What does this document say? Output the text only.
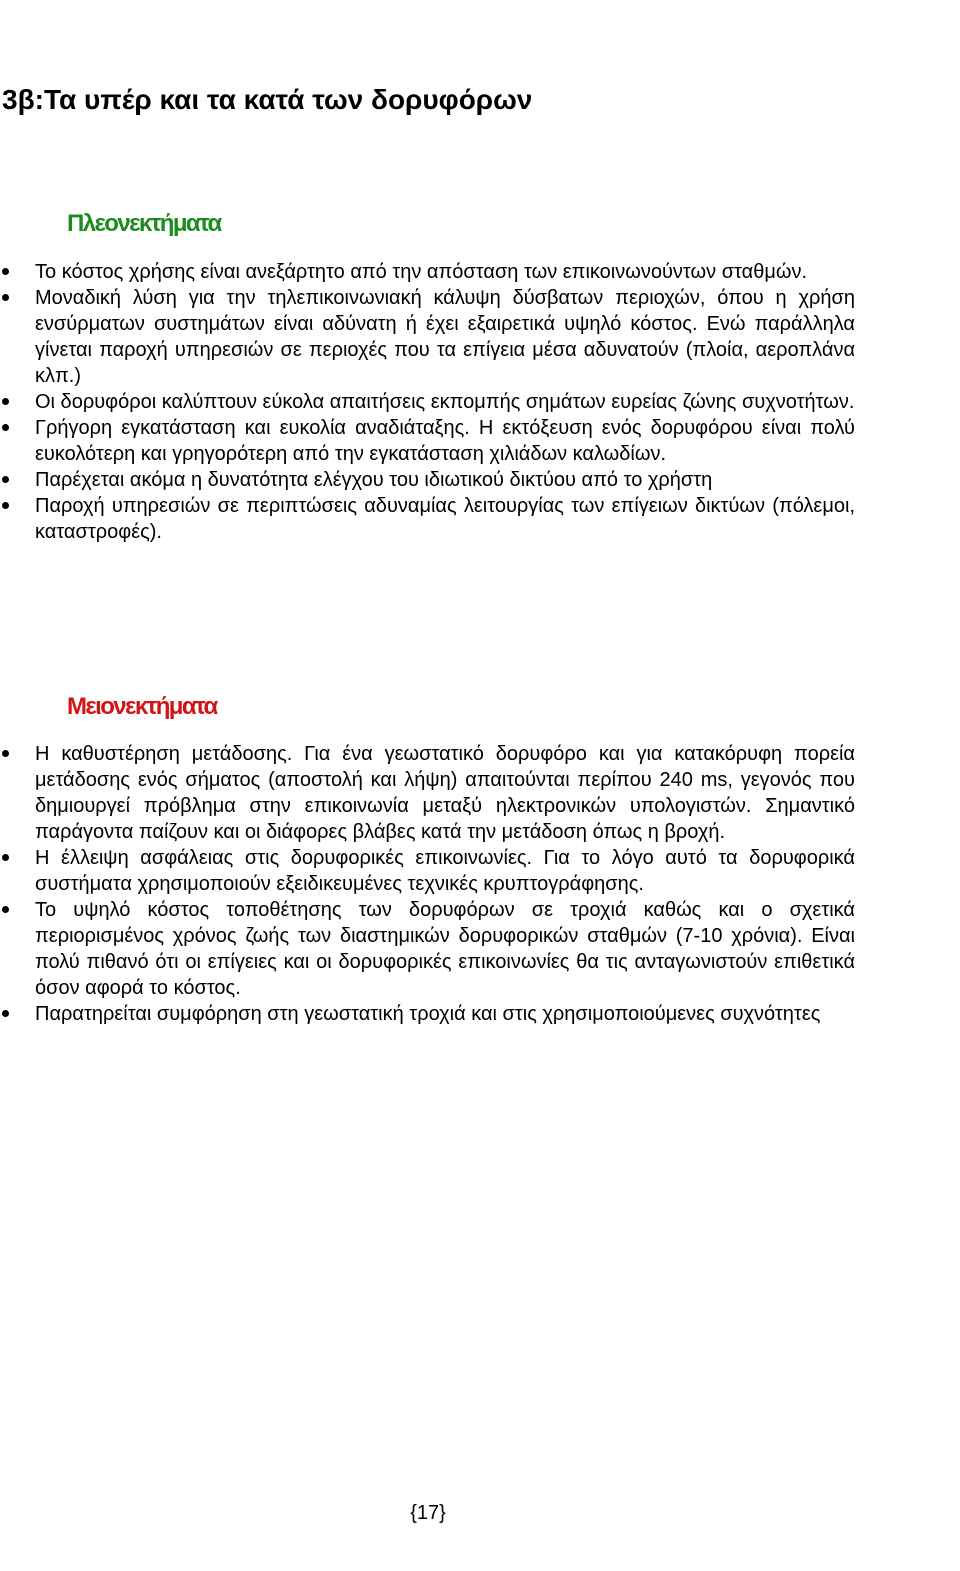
3β:Τα υπέρ και τα κατά των δορυφόρων
Πλεονεκτήματα
Το κόστος χρήσης είναι ανεξάρτητο από την απόσταση των επικοινωνούντων σταθμών.
Μοναδική λύση για την τηλεπικοινωνιακή κάλυψη δύσβατων περιοχών, όπου η χρήση ενσύρματων συστημάτων είναι αδύνατη ή έχει εξαιρετικά υψηλό κόστος. Ενώ παράλληλα γίνεται παροχή υπηρεσιών σε περιοχές που τα επίγεια μέσα αδυνατούν (πλοία, αεροπλάνα κλπ.)
Οι δορυφόροι καλύπτουν εύκολα απαιτήσεις εκπομπής σημάτων ευρείας ζώνης συχνοτήτων.
Γρήγορη εγκατάσταση και ευκολία αναδιάταξης. Η εκτόξευση ενός δορυφόρου είναι πολύ ευκολότερη και γρηγορότερη από την εγκατάσταση χιλιάδων καλωδίων.
Παρέχεται ακόμα η δυνατότητα ελέγχου του ιδιωτικού δικτύου από το χρήστη
Παροχή υπηρεσιών σε περιπτώσεις αδυναμίας λειτουργίας των επίγειων δικτύων (πόλεμοι, καταστροφές).
Μειονεκτήματα
Η καθυστέρηση μετάδοσης. Για ένα γεωστατικό δορυφόρο και για κατακόρυφη πορεία μετάδοσης ενός σήματος (αποστολή και λήψη) απαιτούνται περίπου 240 ms, γεγονός που δημιουργεί πρόβλημα στην επικοινωνία μεταξύ ηλεκτρονικών υπολογιστών. Σημαντικό παράγοντα παίζουν και οι διάφορες βλάβες κατά την μετάδοση όπως η βροχή.
Η έλλειψη ασφάλειας στις δορυφορικές επικοινωνίες. Για το λόγο αυτό τα δορυφορικά συστήματα χρησιμοποιούν εξειδικευμένες τεχνικές κρυπτογράφησης.
Το υψηλό κόστος τοποθέτησης των δορυφόρων σε τροχιά καθώς και ο σχετικά περιορισμένος χρόνος ζωής των διαστημικών δορυφορικών σταθμών (7-10 χρόνια). Είναι πολύ πιθανό ότι οι επίγειες και οι δορυφορικές επικοινωνίες θα τις ανταγωνιστούν επιθετικά όσον αφορά το κόστος.
Παρατηρείται συμφόρηση στη γεωστατική τροχιά και στις χρησιμοποιούμενες συχνότητες
{17}
